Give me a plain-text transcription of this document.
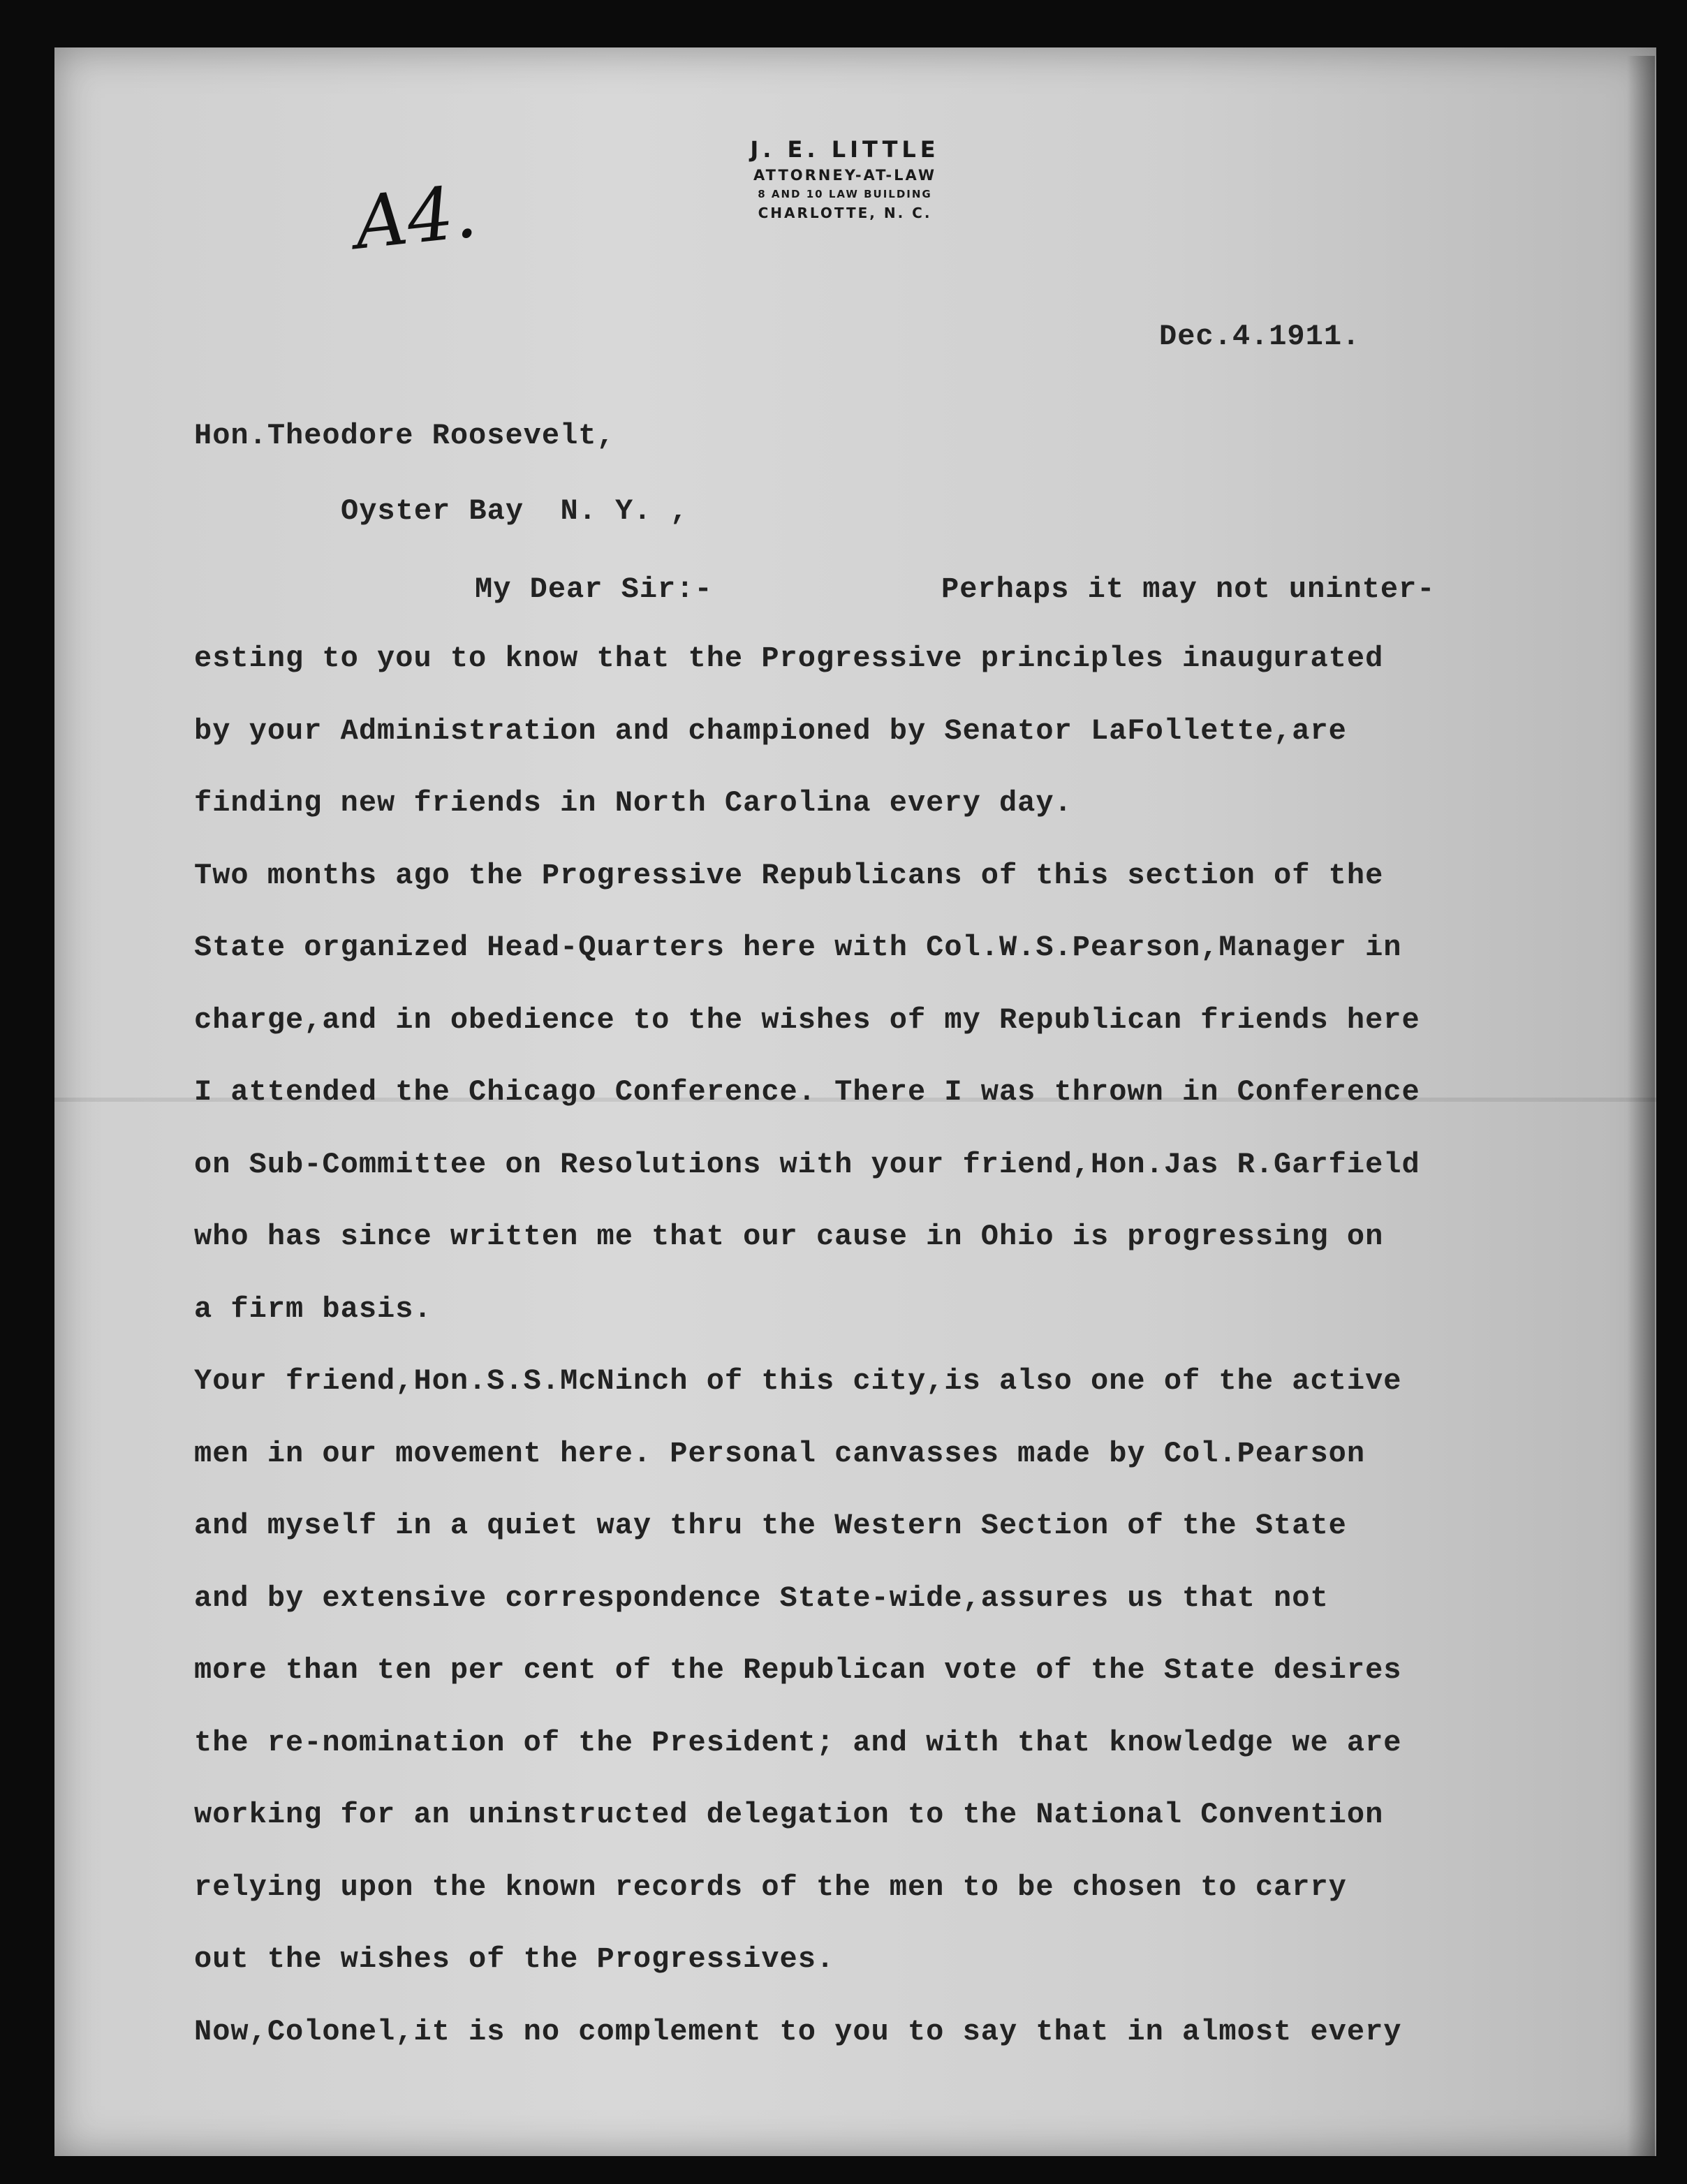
J. E. LITTLE
ATTORNEY-AT-LAW
8 AND 10 LAW BUILDING
CHARLOTTE, N. C.
A4.
Dec.4.1911.
Hon.Theodore Roosevelt,
Oyster Bay  N. Y. ,
My Dear Sir:-	Perhaps it may not uninter-
esting to you to know that the Progressive principles inaugurated
by your Administration and championed by Senator LaFollette,are
finding new friends in North Carolina every day.
Two months ago the Progressive Republicans of this section of the
State organized Head-Quarters here with Col.W.S.Pearson,Manager in
charge,and in obedience to the wishes of my Republican friends here
I attended the Chicago Conference. There I was thrown in Conference
on Sub-Committee on Resolutions with your friend,Hon.Jas R.Garfield
who has since written me that our cause in Ohio is progressing on
a firm basis.
Your friend,Hon.S.S.McNinch of this city,is also one of the active
men in our movement here. Personal canvasses made by Col.Pearson
and myself in a quiet way thru the Western Section of the State
and by extensive correspondence State-wide,assures us that not
more than ten per cent of the Republican vote of the State desires
the re-nomination of the President; and with that knowledge we are
working for an uninstructed delegation to the National Convention
relying upon the known records of the men to be chosen to carry
out the wishes of the Progressives.
Now,Colonel,it is no complement to you to say that in almost every
